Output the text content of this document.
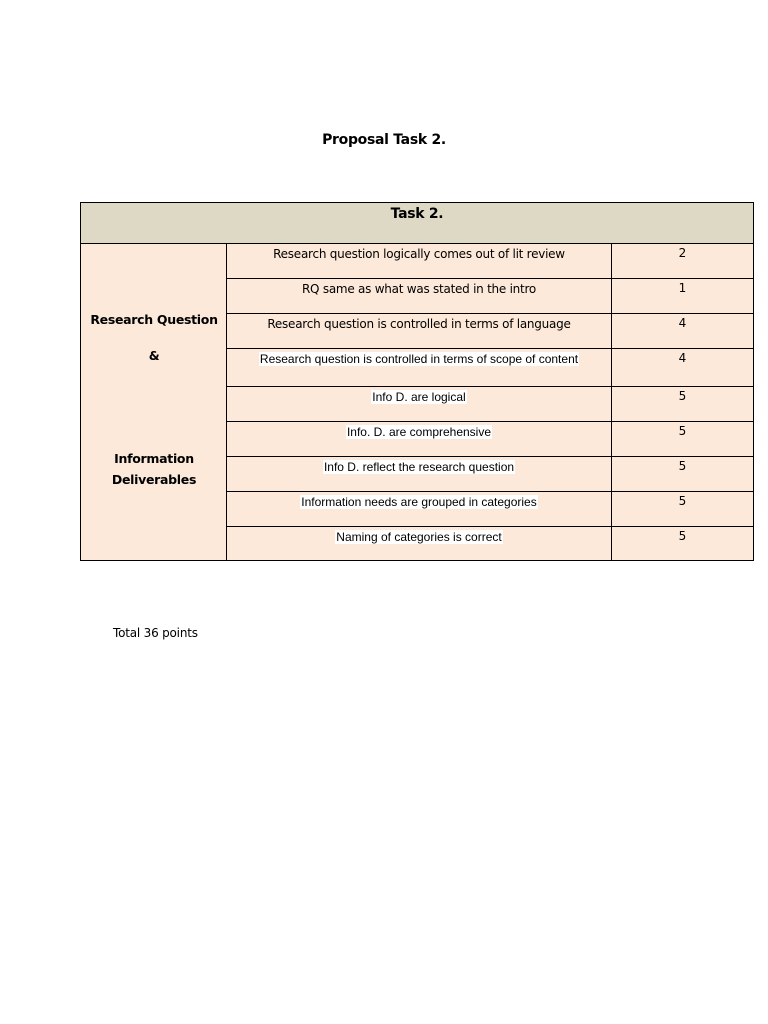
Proposal Task 2.
Task 2.		

Research Question
&
Information
Deliverables	Research question logically comes out of lit review	2
	RQ same as what was stated in the intro	1
	Research question is controlled in terms of language	4
	Research question is controlled in terms of scope of content	4
	Info D. are logical	5
	Info. D. are comprehensive	5
	Info D. reflect the research question	5
	Information needs are grouped in categories	5
	Naming of categories is correct	5
Total 36 points
